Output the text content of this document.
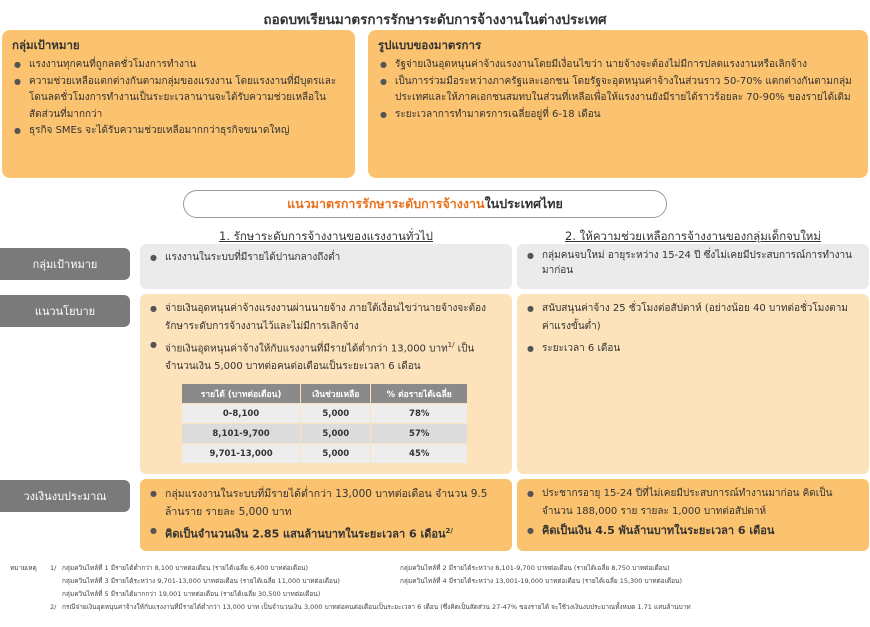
ถอดบทเรียนมาตรการรักษาระดับการจ้างงานในต่างประเทศ
กลุ่มเป้าหมาย
● แรงงานทุกคนที่ถูกลดชั่วโมงการทำงาน
● ความช่วยเหลือแตกต่างกันตามกลุ่มของแรงงาน โดยแรงงานที่มีบุตรและโดนลดชั่วโมงการทำงานเป็นระยะเวลานานจะได้รับความช่วยเหลือในสัดส่วนที่มากกว่า
● ธุรกิจ SMEs จะได้รับความช่วยเหลือมากกว่าธุรกิจขนาดใหญ่
รูปแบบของมาตรการ
● รัฐจ่ายเงินอุดหนุนค่าจ้างแรงงานโดยมีเงื่อนไขว่า นายจ้างจะต้องไม่มีการปลดแรงงานหรือเลิกจ้าง
● เป็นการร่วมมือระหว่างภาครัฐและเอกชน โดยรัฐจะอุดหนุนค่าจ้างในส่วนราว 50-70% แตกต่างกันตามกลุ่มประเทศและให้ภาคเอกชนสมทบในส่วนที่เหลือเพื่อให้แรงงานยังมีรายได้ราวร้อยละ 70-90% ของรายได้เดิม
● ระยะเวลาการทำมาตรการเฉลี่ยอยู่ที่ 6-18 เดือน
แนวมาตรการรักษาระดับการจ้างงานในประเทศไทย
1. รักษาระดับการจ้างงานของแรงงานทั่วไป	2. ให้ความช่วยเหลือการจ้างงานของกลุ่มเด็กจบใหม่
กลุ่มเป้าหมาย
แนวนโยบาย
วงเงินงบประมาณ
● แรงงานในระบบที่มีรายได้ปานกลางถึงต่ำ	● กลุ่มคนจบใหม่ อายุระหว่าง 15-24 ปี ซึ่งไม่เคยมีประสบการณ์การทำงานมาก่อน
● จ่ายเงินอุดหนุนค่าจ้างแรงงานผ่านนายจ้าง ภายใต้เงื่อนไขว่านายจ้างจะต้องรักษาระดับการจ้างงานไว้และไม่มีการเลิกจ้าง
● จ่ายเงินอุดหนุนค่าจ้างให้กับแรงงานที่มีรายได้ต่ำกว่า 13,000 บาท$^{1/}$ เป็นจำนวนเงิน 5,000 บาทต่อคนต่อเดือนเป็นระยะเวลา 6 เดือน
รายได้ (บาทต่อเดือน)	เงินช่วยเหลือ	% ต่อรายได้เฉลี่ย
0-8,100	5,000	78%
8,101-9,700	5,000	57%
9,701-13,000	5,000	45%
● สนับสนุนค่าจ้าง 25 ชั่วโมงต่อสัปดาห์ (อย่างน้อย 40 บาทต่อชั่วโมงตามค่าแรงขั้นต่ำ)
● ระยะเวลา 6 เดือน
● กลุ่มแรงงานในระบบที่มีรายได้ต่ำกว่า 13,000 บาทต่อเดือน จำนวน 9.5 ล้านราย รายละ 5,000 บาท
● คิดเป็นจำนวนเงิน 2.85 แสนล้านบาทในระยะเวลา 6 เดือน$^{2/}$
● ประชากรอายุ 15-24 ปีที่ไม่เคยมีประสบการณ์ทำงานมาก่อน คิดเป็นจำนวน 188,000 ราย รายละ 1,000 บาทต่อสัปดาห์
● คิดเป็นเงิน 4.5 พันล้านบาทในระยะเวลา 6 เดือน
หมายเหตุ 1/ กลุ่มควินไทล์ที่ 1 มีรายได้ต่ำกว่า 8,100 บาทต่อเดือน (รายได้เฉลี่ย 6,400 บาทต่อเดือน)	กลุ่มควินไทล์ที่ 2 มีรายได้ระหว่าง 8,101-9,700 บาทต่อเดือน (รายได้เฉลี่ย 8,750 บาทต่อเดือน)
กลุ่มควินไทล์ที่ 3 มีรายได้ระหว่าง 9,701-13,000 บาทต่อเดือน (รายได้เฉลี่ย 11,000 บาทต่อเดือน)	กลุ่มควินไทล์ที่ 4 มีรายได้ระหว่าง 13,001-19,000 บาทต่อเดือน (รายได้เฉลี่ย 15,300 บาทต่อเดือน)
กลุ่มควินไทล์ที่ 5 มีรายได้มากกว่า 19,001 บาทต่อเดือน (รายได้เฉลี่ย 30,500 บาทต่อเดือน)
2/ กรณีจ่ายเงินอุดหนุนค่าจ้างให้กับแรงงานที่มีรายได้ต่ำกว่า 13,000 บาท เป็นจำนวนเงิน 3,000 บาทต่อคนต่อเดือนเป็นระยะเวลา 6 เดือน (ซึ่งคิดเป็นสัดส่วน 27-47% ของรายได้ จะใช้วงเงินงบประมาณทั้งหมด 1.71 แสนล้านบาท
